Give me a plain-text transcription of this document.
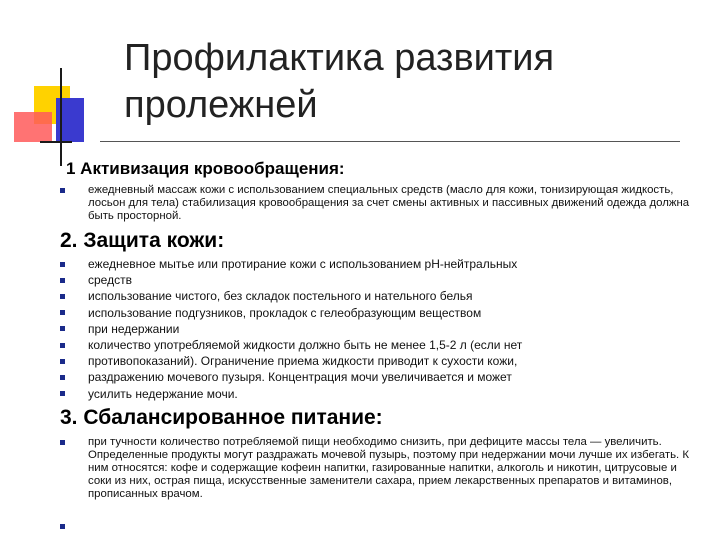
Профилактика развития
пролежней
1 Активизация кровообращения:

ежедневный массаж кожи с использованием специальных средств (масло для кожи, тонизирующая жидкость, лосьон для тела) стабилизация кровообращения за счет смены активных и пассивных движений одежда должна быть просторной.

2. Защита кожи:
ежедневное мытье или протирание кожи с использованием pH-нейтральных
средств
использование чистого, без складок постельного и нательного белья
использование подгузников, прокладок с гелеобразующим веществом
при недержании
количество употребляемой жидкости должно быть не менее 1,5-2 л (если нет
противопоказаний). Ограничение приема жидкости приводит к сухости кожи,
раздражению мочевого пузыря. Концентрация мочи увеличивается и может
усилить недержание мочи.
3. Сбалансированное питание:

при тучности количество потребляемой пищи необходимо снизить, при дефиците массы тела — увеличить. Определенные продукты могут раздражать мочевой пузырь, поэтому при недержании мочи лучше их избегать. К ним относятся: кофе и содержащие кофеин напитки, газированные напитки, алкоголь и никотин, цитрусовые и соки из них, острая пища, искусственные заменители сахара, прием лекарственных препаратов и витаминов, прописанных врачом.
